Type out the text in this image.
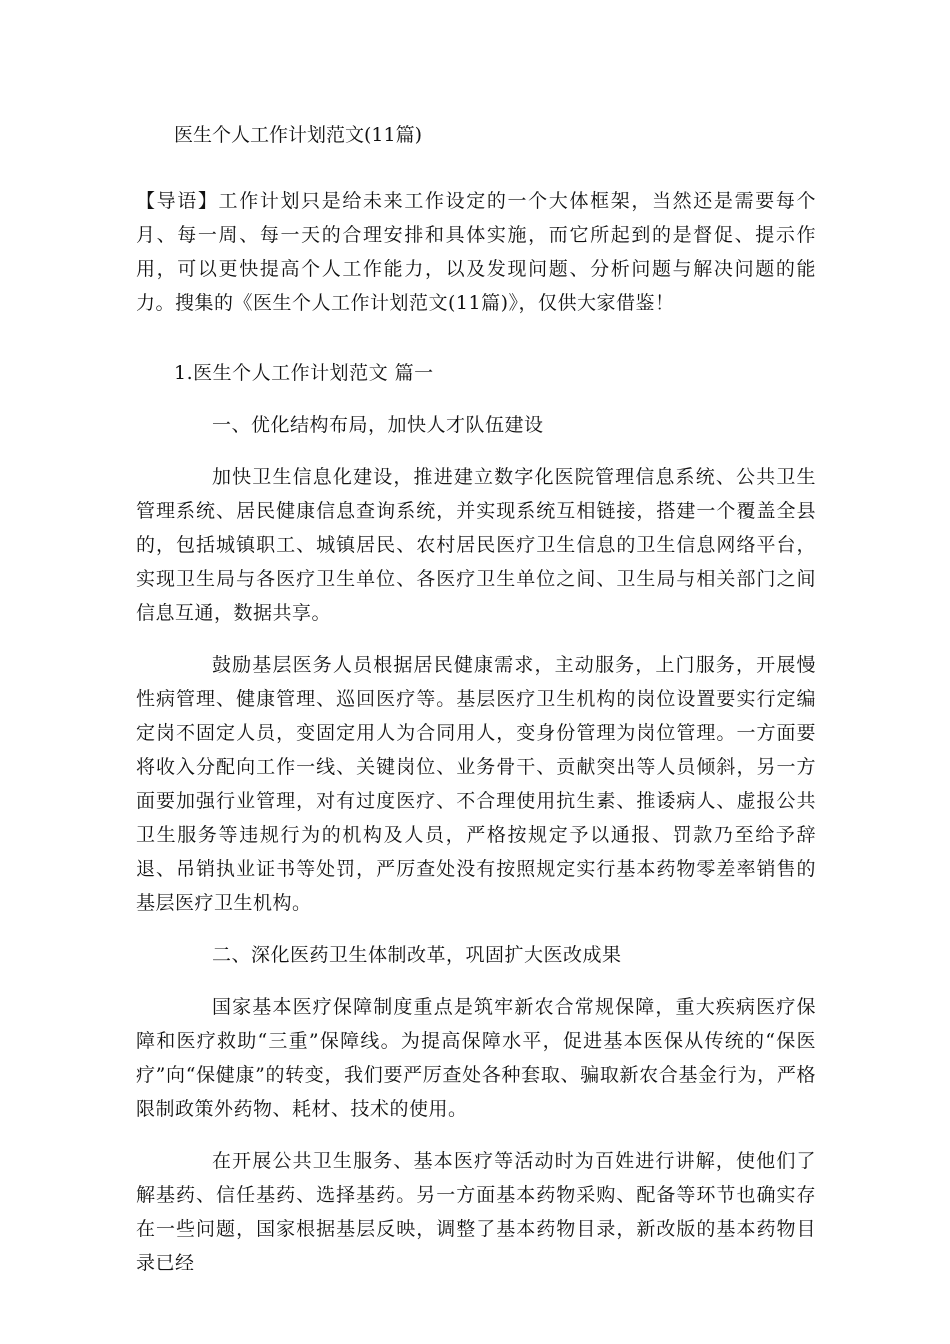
医生个人工作计划范文(11篇)

【导语】工作计划只是给未来工作设定的一个大体框架，当然还是需要每个月、每一周、每一天的合理安排和具体实施，而它所起到的是督促、提示作用，可以更快提高个人工作能力，以及发现问题、分析问题与解决问题的能力。搜集的《医生个人工作计划范文(11篇)》，仅供大家借鉴！

1.医生个人工作计划范文 篇一

一、优化结构布局，加快人才队伍建设

加快卫生信息化建设，推进建立数字化医院管理信息系统、公共卫生管理系统、居民健康信息查询系统，并实现系统互相链接，搭建一个覆盖全县的，包括城镇职工、城镇居民、农村居民医疗卫生信息的卫生信息网络平台，实现卫生局与各医疗卫生单位、各医疗卫生单位之间、卫生局与相关部门之间信息互通，数据共享。

鼓励基层医务人员根据居民健康需求，主动服务，上门服务，开展慢性病管理、健康管理、巡回医疗等。基层医疗卫生机构的岗位设置要实行定编定岗不固定人员，变固定用人为合同用人，变身份管理为岗位管理。一方面要将收入分配向工作一线、关键岗位、业务骨干、贡献突出等人员倾斜，另一方面要加强行业管理，对有过度医疗、不合理使用抗生素、推诿病人、虚报公共卫生服务等违规行为的机构及人员，严格按规定予以通报、罚款乃至给予辞退、吊销执业证书等处罚，严厉查处没有按照规定实行基本药物零差率销售的基层医疗卫生机构。

二、深化医药卫生体制改革，巩固扩大医改成果

国家基本医疗保障制度重点是筑牢新农合常规保障，重大疾病医疗保障和医疗救助“三重”保障线。为提高保障水平，促进基本医保从传统的“保医疗”向“保健康”的转变，我们要严厉查处各种套取、骗取新农合基金行为，严格限制政策外药物、耗材、技术的使用。

在开展公共卫生服务、基本医疗等活动时为百姓进行讲解，使他们了解基药、信任基药、选择基药。另一方面基本药物采购、配备等环节也确实存在一些问题，国家根据基层反映，调整了基本药物目录，新改版的基本药物目录已经
